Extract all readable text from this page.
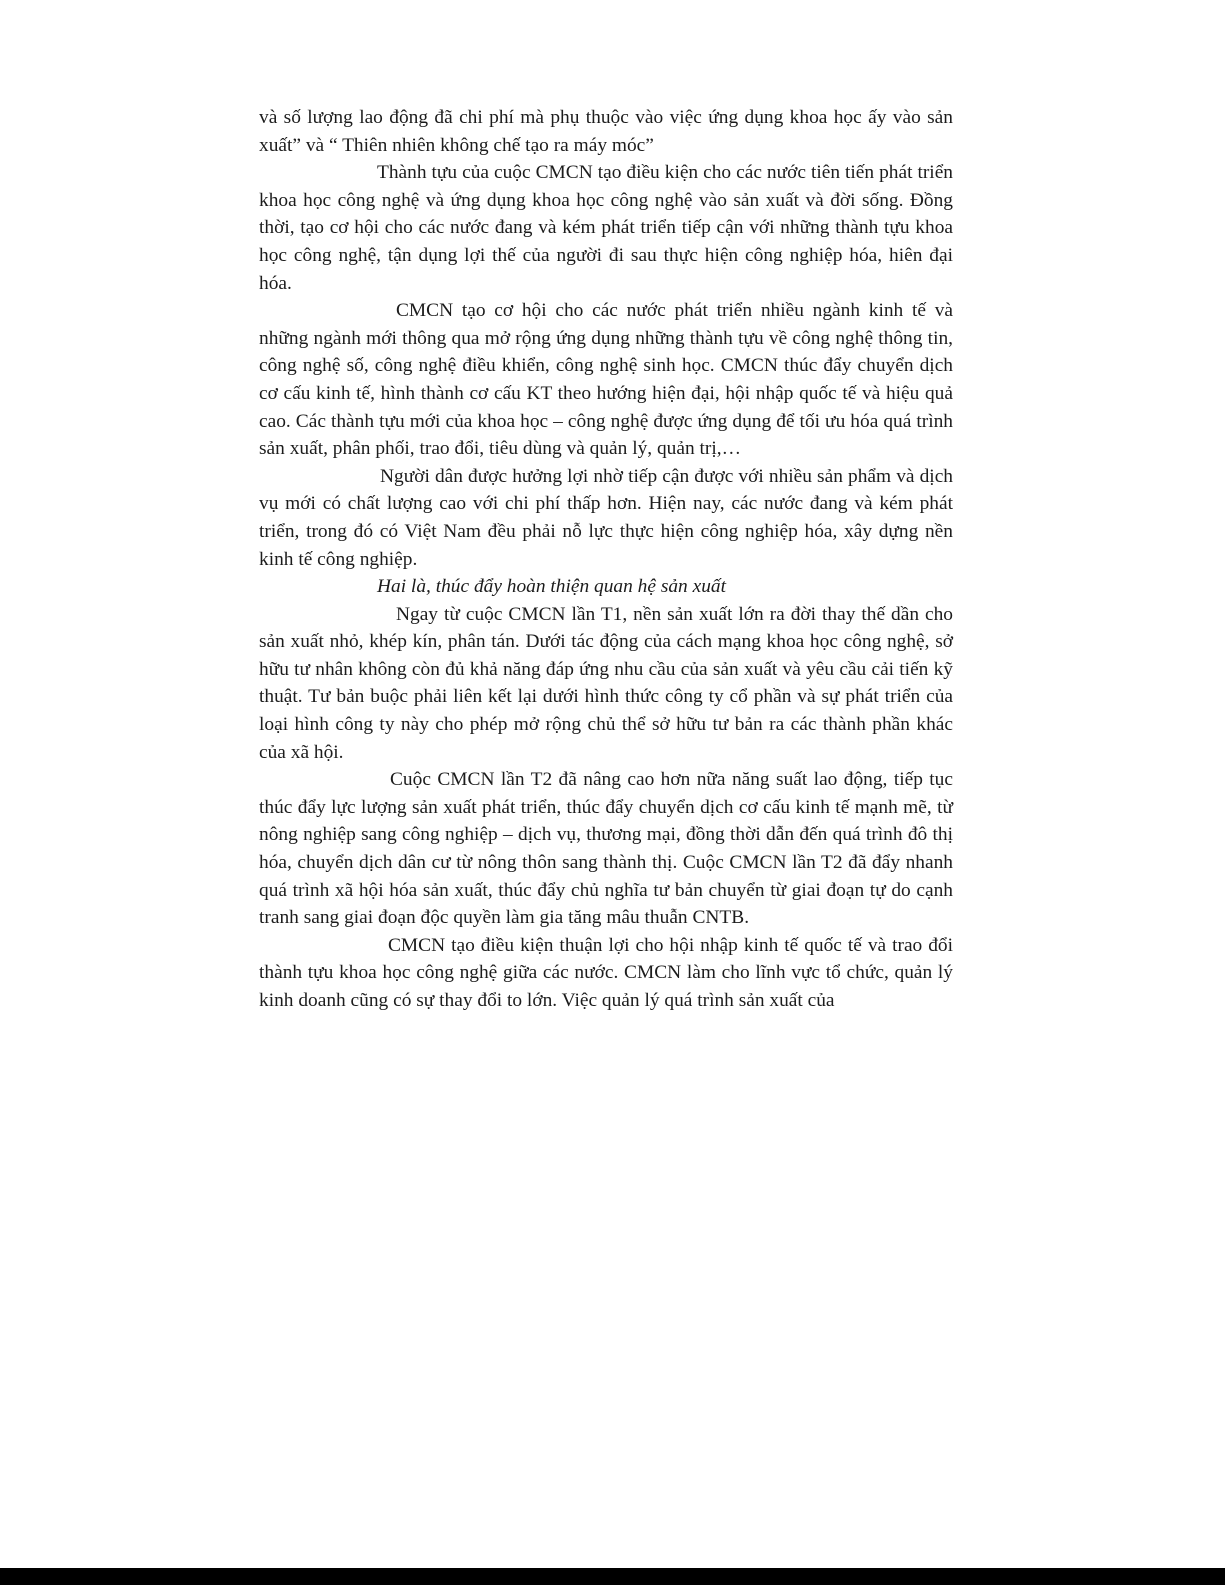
và số lượng lao động đã chi phí mà phụ thuộc vào việc ứng dụng khoa học ấy vào sản xuất” và “ Thiên nhiên không chế tạo ra máy móc”

Thành tựu của cuộc CMCN tạo điều kiện cho các nước tiên tiến phát triển khoa học công nghệ và ứng dụng khoa học công nghệ vào sản xuất và đời sống. Đồng thời, tạo cơ hội cho các nước đang và kém phát triển tiếp cận với những thành tựu khoa học công nghệ, tận dụng lợi thế của người đi sau thực hiện công nghiệp hóa, hiên đại hóa.

CMCN tạo cơ hội cho các nước phát triển nhiều ngành kinh tế và những ngành mới thông qua mở rộng ứng dụng những thành tựu về công nghệ thông tin, công nghệ số, công nghệ điều khiển, công nghệ sinh học. CMCN thúc đẩy chuyển dịch cơ cấu kinh tế, hình thành cơ cấu KT theo hướng hiện đại, hội nhập quốc tế và hiệu quả cao. Các thành tựu mới của khoa học – công nghệ được ứng dụng để tối ưu hóa quá trình sản xuất, phân phối, trao đổi, tiêu dùng và quản lý, quản trị,…

Người dân được hưởng lợi nhờ tiếp cận được với nhiều sản phẩm và dịch vụ mới có chất lượng cao với chi phí thấp hơn. Hiện nay, các nước đang và kém phát triển, trong đó có Việt Nam đều phải nỗ lực thực hiện công nghiệp hóa, xây dựng nền kinh tế công nghiệp.

Hai là, thúc đẩy hoàn thiện quan hệ sản xuất

Ngay từ cuộc CMCN lần T1, nền sản xuất lớn ra đời thay thế dần cho sản xuất nhỏ, khép kín, phân tán. Dưới tác động của cách mạng khoa học công nghệ, sở hữu tư nhân không còn đủ khả năng đáp ứng nhu cầu của sản xuất và yêu cầu cải tiến kỹ thuật. Tư bản buộc phải liên kết lại dưới hình thức công ty cổ phần và sự phát triển của loại hình công ty này cho phép mở rộng chủ thể sở hữu tư bản ra các thành phần khác của xã hội.

Cuộc CMCN lần T2 đã nâng cao hơn nữa năng suất lao động, tiếp tục thúc đẩy lực lượng sản xuất phát triển, thúc đẩy chuyển dịch cơ cấu kinh tế mạnh mẽ, từ nông nghiệp sang công nghiệp – dịch vụ, thương mại, đồng thời dẫn đến quá trình đô thị hóa, chuyển dịch dân cư từ nông thôn sang thành thị. Cuộc CMCN lần T2 đã đẩy nhanh quá trình xã hội hóa sản xuất, thúc đẩy chủ nghĩa tư bản chuyển từ giai đoạn tự do cạnh tranh sang giai đoạn độc quyền làm gia tăng mâu thuẫn CNTB.

CMCN tạo điều kiện thuận lợi cho hội nhập kinh tế quốc tế và trao đổi thành tựu khoa học công nghệ giữa các nước. CMCN làm cho lĩnh vực tổ chức, quản lý kinh doanh cũng có sự thay đổi to lớn. Việc quản lý quá trình sản xuất của
